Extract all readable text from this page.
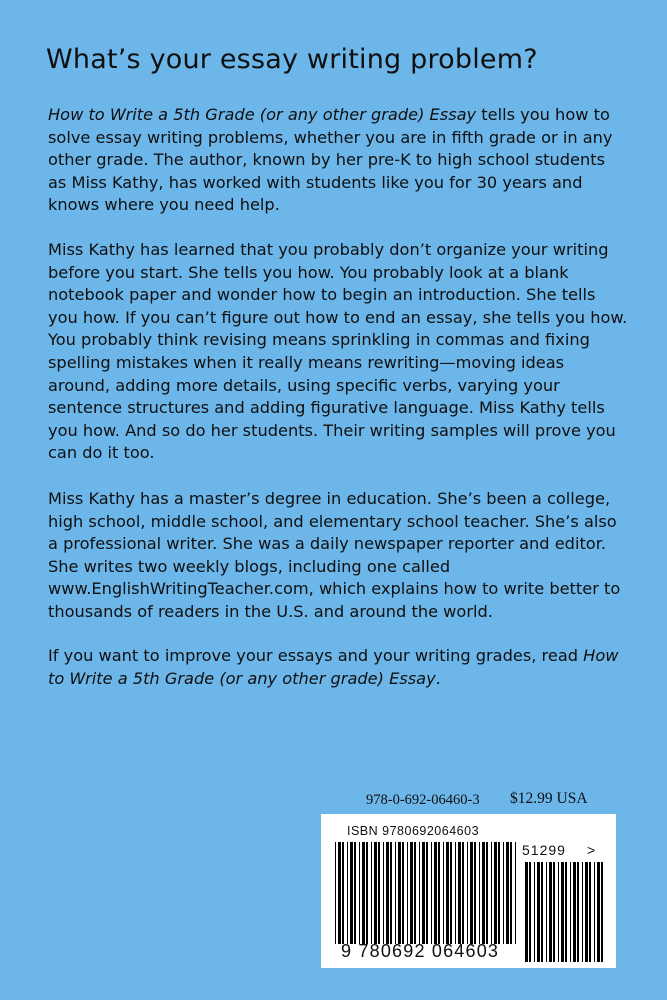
What’s your essay writing problem?

How to Write a 5th Grade (or any other grade) Essay tells you how to solve essay writing problems, whether you are in fifth grade or in any other grade. The author, known by her pre-K to high school students as Miss Kathy, has worked with students like you for 30 years and knows where you need help.

Miss Kathy has learned that you probably don’t organize your writing before you start. She tells you how. You probably look at a blank notebook paper and wonder how to begin an introduction. She tells you how. If you can’t figure out how to end an essay, she tells you how. You probably think revising means sprinkling in commas and fixing spelling mistakes when it really means rewriting—moving ideas around, adding more details, using specific verbs, varying your sentence structures and adding figurative language. Miss Kathy tells you how. And so do her students. Their writing samples will prove you can do it too.

Miss Kathy has a master’s degree in education. She’s been a college, high school, middle school, and elementary school teacher. She’s also a professional writer. She was a daily newspaper reporter and editor. She writes two weekly blogs, including one called www.EnglishWritingTeacher.com, which explains how to write better to thousands of readers in the U.S. and around the world.

If you want to improve your essays and your writing grades, read How to Write a 5th Grade (or any other grade) Essay.

978-0-692-06460-3 $12.99 USA
ISBN 9780692064603
51299 >
9 780692 064603
